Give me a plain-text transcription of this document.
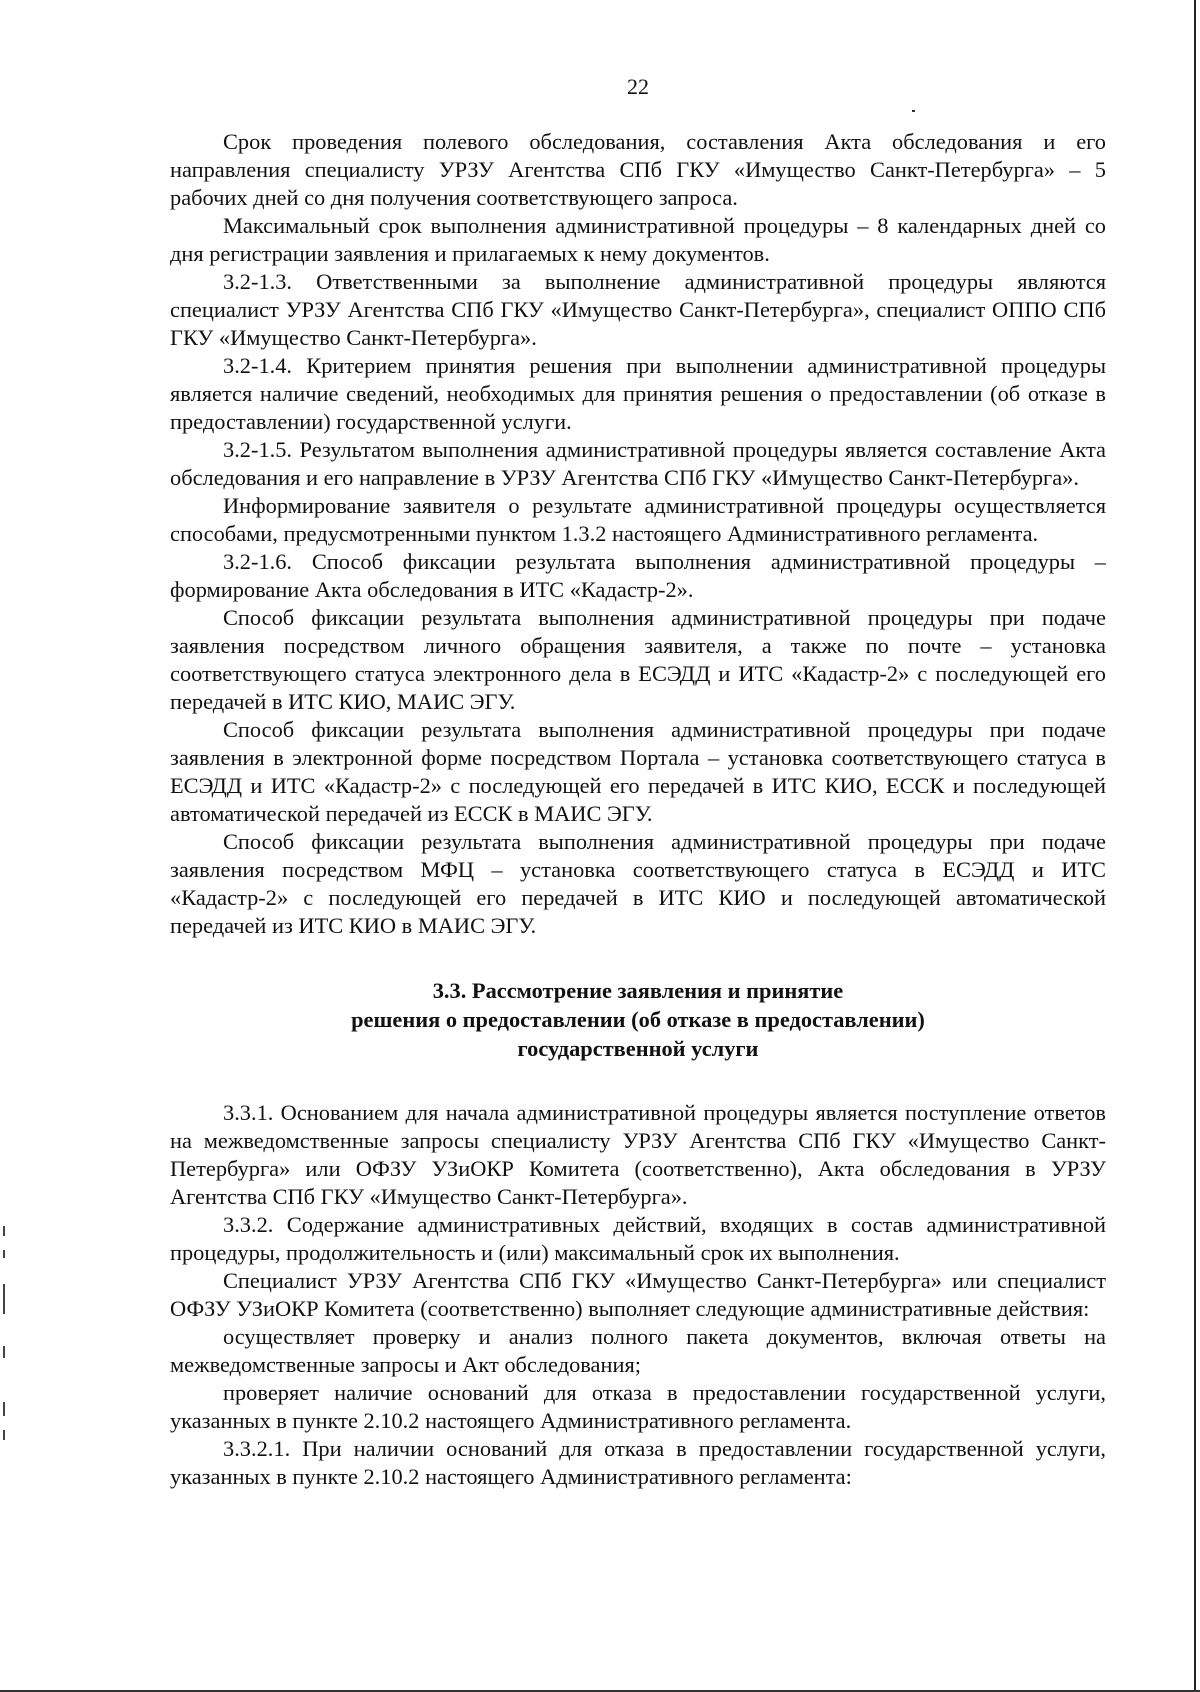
22

Срок проведения полевого обследования, составления Акта обследования и его направления специалисту УРЗУ Агентства СПб ГКУ «Имущество Санкт-Петербурга» – 5 рабочих дней со дня получения соответствующего запроса.

Максимальный срок выполнения административной процедуры – 8 календарных дней со дня регистрации заявления и прилагаемых к нему документов.

3.2-1.3. Ответственными за выполнение административной процедуры являются специалист УРЗУ Агентства СПб ГКУ «Имущество Санкт-Петербурга», специалист ОППО СПб ГКУ «Имущество Санкт-Петербурга».

3.2-1.4. Критерием принятия решения при выполнении административной процедуры является наличие сведений, необходимых для принятия решения о предоставлении (об отказе в предоставлении) государственной услуги.

3.2-1.5. Результатом выполнения административной процедуры является составление Акта обследования и его направление в УРЗУ Агентства СПб ГКУ «Имущество Санкт-Петербурга».

Информирование заявителя о результате административной процедуры осуществляется способами, предусмотренными пунктом 1.3.2 настоящего Административного регламента.

3.2-1.6. Способ фиксации результата выполнения административной процедуры – формирование Акта обследования в ИТС «Кадастр-2».

Способ фиксации результата выполнения административной процедуры при подаче заявления посредством личного обращения заявителя, а также по почте – установка соответствующего статуса электронного дела в ЕСЭДД и ИТС «Кадастр-2» с последующей его передачей в ИТС КИО, МАИС ЭГУ.

Способ фиксации результата выполнения административной процедуры при подаче заявления в электронной форме посредством Портала – установка соответствующего статуса в ЕСЭДД и ИТС «Кадастр-2» с последующей его передачей в ИТС КИО, ЕССК и последующей автоматической передачей из ЕССК в МАИС ЭГУ.

Способ фиксации результата выполнения административной процедуры при подаче заявления посредством МФЦ – установка соответствующего статуса в ЕСЭДД и ИТС «Кадастр-2» с последующей его передачей в ИТС КИО и последующей автоматической передачей из ИТС КИО в МАИС ЭГУ.

3.3. Рассмотрение заявления и принятие
решения о предоставлении (об отказе в предоставлении)
государственной услуги

3.3.1. Основанием для начала административной процедуры является поступление ответов на межведомственные запросы специалисту УРЗУ Агентства СПб ГКУ «Имущество Санкт-Петербурга» или ОФЗУ УЗиОКР Комитета (соответственно), Акта обследования в УРЗУ Агентства СПб ГКУ «Имущество Санкт-Петербурга».

3.3.2. Содержание административных действий, входящих в состав административной процедуры, продолжительность и (или) максимальный срок их выполнения.

Специалист УРЗУ Агентства СПб ГКУ «Имущество Санкт-Петербурга» или специалист ОФЗУ УЗиОКР Комитета (соответственно) выполняет следующие административные действия:

осуществляет проверку и анализ полного пакета документов, включая ответы на межведомственные запросы и Акт обследования;

проверяет наличие оснований для отказа в предоставлении государственной услуги, указанных в пункте 2.10.2 настоящего Административного регламента.

3.3.2.1. При наличии оснований для отказа в предоставлении государственной услуги, указанных в пункте 2.10.2 настоящего Административного регламента:
